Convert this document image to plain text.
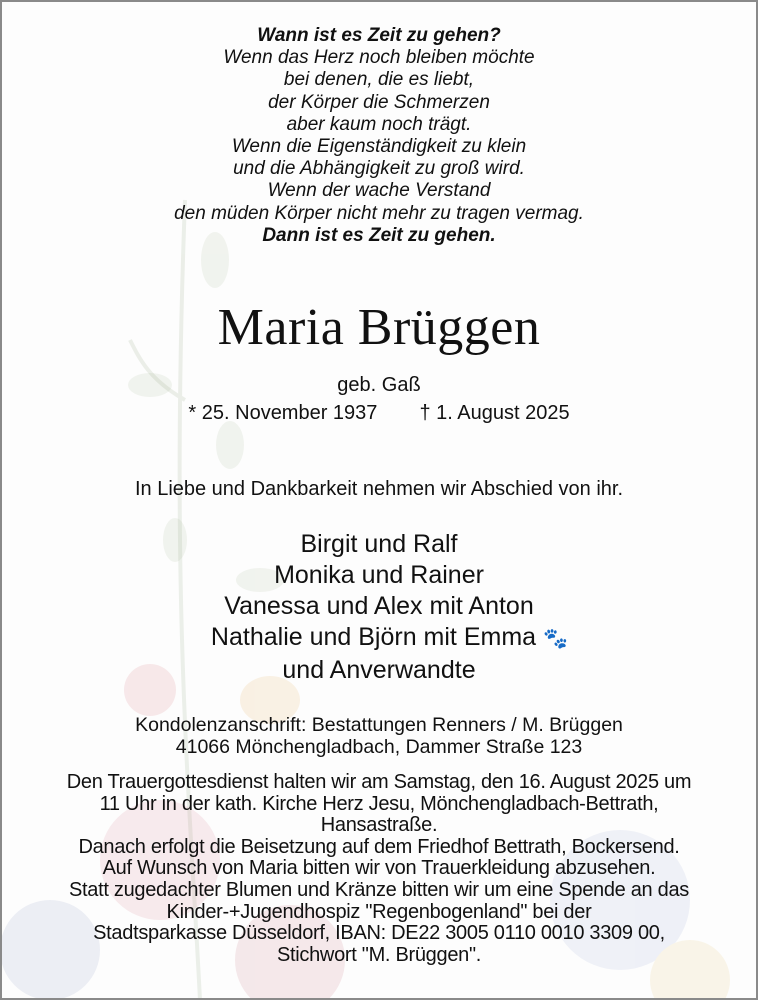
Wann ist es Zeit zu gehen?
Wenn das Herz noch bleiben möchte
bei denen, die es liebt,
der Körper die Schmerzen
aber kaum noch trägt.
Wenn die Eigenständigkeit zu klein
und die Abhängigkeit zu groß wird.
Wenn der wache Verstand
den müden Körper nicht mehr zu tragen vermag.
Dann ist es Zeit zu gehen.
Maria Brüggen
geb. Gaß
* 25. November 1937 † 1. August 2025
In Liebe und Dankbarkeit nehmen wir Abschied von ihr.
Birgit und Ralf
Monika und Rainer
Vanessa und Alex mit Anton
Nathalie und Björn mit Emma 🐾
und Anverwandte
Kondolenzanschrift: Bestattungen Renners / M. Brüggen
41066 Mönchengladbach, Dammer Straße 123
Den Trauergottesdienst halten wir am Samstag, den 16. August 2025 um
11 Uhr in der kath. Kirche Herz Jesu, Mönchengladbach-Bettrath,
Hansastraße.
Danach erfolgt die Beisetzung auf dem Friedhof Bettrath, Bockersend.
Auf Wunsch von Maria bitten wir von Trauerkleidung abzusehen.
Statt zugedachter Blumen und Kränze bitten wir um eine Spende an das
Kinder-+Jugendhospiz "Regenbogenland" bei der
Stadtsparkasse Düsseldorf, IBAN: DE22 3005 0110 0010 3309 00,
Stichwort "M. Brüggen".
